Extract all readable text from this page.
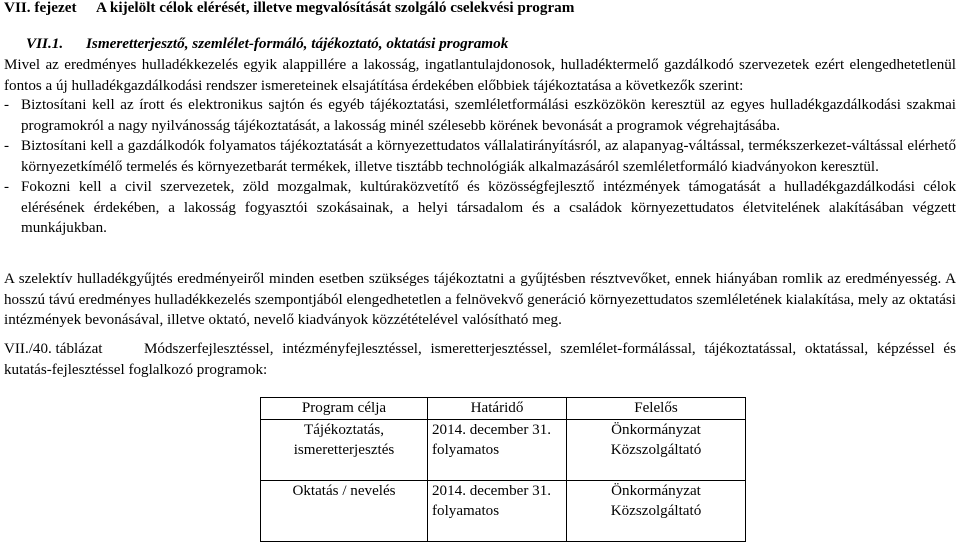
VII. fejezet A kijelölt célok elérését, illetve megvalósítását szolgáló cselekvési program
VII.1. Ismeretterjesztő, szemlélet-formáló, tájékoztató, oktatási programok
Mivel az eredményes hulladékkezelés egyik alappillére a lakosság, ingatlantulajdonosok, hulladéktermelő gazdálkodó szervezetek ezért elengedhetetlenül fontos a új hulladékgazdálkodási rendszer ismereteinek elsajátítása érdekében előbbiek tájékoztatása a következők szerint:
- Biztosítani kell az írott és elektronikus sajtón és egyéb tájékoztatási, szemléletformálási eszközökön keresztül az egyes hulladékgazdálkodási szakmai programokról a nagy nyilvánosság tájékoztatását, a lakosság minél szélesebb körének bevonását a programok végrehajtásába.
- Biztosítani kell a gazdálkodók folyamatos tájékoztatását a környezettudatos vállalatirányításról, az alapanyag-váltással, termékszerkezet-váltással elérhető környezetkímélő termelés és környezetbarát termékek, illetve tisztább technológiák alkalmazásáról szemléletformáló kiadványokon keresztül.
- Fokozni kell a civil szervezetek, zöld mozgalmak, kultúraközvetítő és közösségfejlesztő intézmények támogatását a hulladékgazdálkodási célok elérésének érdekében, a lakosság fogyasztói szokásainak, a helyi társadalom és a családok környezettudatos életvitelének alakításában végzett munkájukban.
A szelektív hulladékgyűjtés eredményeiről minden esetben szükséges tájékoztatni a gyűjtésben résztvevőket, ennek hiányában romlik az eredményesség. A hosszú távú eredményes hulladékkezelés szempontjából elengedhetetlen a felnövekvő generáció környezettudatos szemléletének kialakítása, mely az oktatási intézmények bevonásával, illetve oktató, nevelő kiadványok közzétételével valósítható meg.
VII./40. táblázat	Módszerfejlesztéssel, intézményfejlesztéssel, ismeretterjesztéssel, szemlélet-formálással, tájékoztatással, oktatással, képzéssel és kutatás-fejlesztéssel foglalkozó programok:
Program célja	Határidő	Felelős
Tájékoztatás, ismeretterjesztés	2014. december 31. folyamatos	Önkormányzat Közszolgáltató
Oktatás / nevelés	2014. december 31. folyamatos	Önkormányzat Közszolgáltató
